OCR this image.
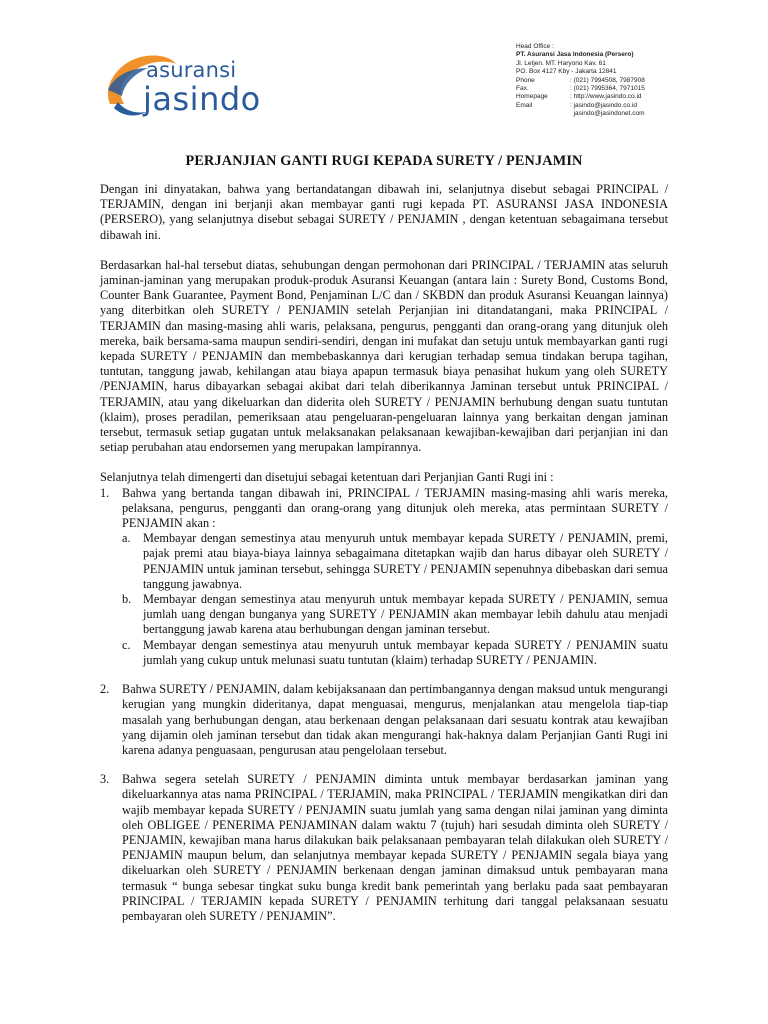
asuransi
jasindo
Head Office :
PT. Asuransi Jasa Indonesia (Persero)
Jl. Letjen. MT. Haryono Kav. 61
PO. Box 4127 Kby - Jakarta 12841
Phone	: (021) 7994508, 7987908
Fax.	: (021) 7995364, 7971015
Homepage	: http://www.jasindo.co.id
Email	: jasindo@jasindo.co.id
jasindo@jasindonet.com
PERJANJIAN GANTI RUGI KEPADA SURETY / PENJAMIN

Dengan ini dinyatakan, bahwa yang bertandatangan dibawah ini, selanjutnya disebut sebagai PRINCIPAL / TERJAMIN, dengan ini berjanji akan membayar ganti rugi kepada PT. ASURANSI JASA INDONESIA (PERSERO), yang selanjutnya disebut sebagai SURETY / PENJAMIN , dengan ketentuan sebagaimana tersebut dibawah ini.

Berdasarkan hal-hal tersebut diatas, sehubungan dengan permohonan dari PRINCIPAL / TERJAMIN atas seluruh jaminan-jaminan yang merupakan produk-produk Asuransi Keuangan (antara lain : Surety Bond, Customs Bond, Counter Bank Guarantee, Payment Bond, Penjaminan L/C dan / SKBDN dan produk Asuransi Keuangan lainnya) yang diterbitkan oleh SURETY / PENJAMIN setelah Perjanjian ini ditandatangani, maka PRINCIPAL / TERJAMIN dan masing-masing ahli waris, pelaksana, pengurus, pengganti dan orang-orang yang ditunjuk oleh mereka, baik bersama-sama maupun sendiri-sendiri, dengan ini mufakat dan setuju untuk membayarkan ganti rugi kepada SURETY / PENJAMIN dan membebaskannya dari kerugian terhadap semua tindakan berupa tagihan, tuntutan, tanggung jawab, kehilangan atau biaya apapun termasuk biaya penasihat hukum yang oleh SURETY /PENJAMIN, harus dibayarkan sebagai akibat dari telah diberikannya Jaminan tersebut untuk PRINCIPAL / TERJAMIN, atau yang dikeluarkan dan diderita oleh SURETY / PENJAMIN berhubung dengan suatu tuntutan (klaim), proses peradilan, pemeriksaan atau pengeluaran-pengeluaran lainnya yang berkaitan dengan jaminan tersebut, termasuk setiap gugatan untuk melaksanakan pelaksanaan kewajiban-kewajiban dari perjanjian ini dan setiap perubahan atau endorsemen yang merupakan lampirannya.

Selanjutnya telah dimengerti dan disetujui sebagai ketentuan dari Perjanjian Ganti Rugi ini :

1. Bahwa yang bertanda tangan dibawah ini, PRINCIPAL / TERJAMIN masing-masing ahli waris mereka, pelaksana, pengurus, pengganti dan orang-orang yang ditunjuk oleh mereka, atas permintaan SURETY / PENJAMIN akan :
a. Membayar dengan semestinya atau menyuruh untuk membayar kepada SURETY / PENJAMIN, premi, pajak premi atau biaya-biaya lainnya sebagaimana ditetapkan wajib dan harus dibayar oleh SURETY / PENJAMIN untuk jaminan tersebut, sehingga SURETY / PENJAMIN sepenuhnya dibebaskan dari semua tanggung jawabnya.
b. Membayar dengan semestinya atau menyuruh untuk membayar kepada SURETY / PENJAMIN, semua jumlah uang dengan bunganya yang SURETY / PENJAMIN akan membayar lebih dahulu atau menjadi bertanggung jawab karena atau berhubungan dengan jaminan tersebut.
c. Membayar dengan semestinya atau menyuruh untuk membayar kepada SURETY / PENJAMIN suatu jumlah yang cukup untuk melunasi suatu tuntutan (klaim) terhadap SURETY / PENJAMIN.
2. Bahwa SURETY / PENJAMIN, dalam kebijaksanaan dan pertimbangannya dengan maksud untuk mengurangi kerugian yang mungkin dideritanya, dapat menguasai, mengurus, menjalankan atau mengelola tiap-tiap masalah yang berhubungan dengan, atau berkenaan dengan pelaksanaan dari sesuatu kontrak atau kewajiban yang dijamin oleh jaminan tersebut dan tidak akan mengurangi hak-haknya dalam Perjanjian Ganti Rugi ini karena adanya penguasaan, pengurusan atau pengelolaan tersebut.
3. Bahwa segera setelah SURETY / PENJAMIN diminta untuk membayar berdasarkan jaminan yang dikeluarkannya atas nama PRINCIPAL / TERJAMIN, maka PRINCIPAL / TERJAMIN mengikatkan diri dan wajib membayar kepada SURETY / PENJAMIN suatu jumlah yang sama dengan nilai jaminan yang diminta oleh OBLIGEE / PENERIMA PENJAMINAN dalam waktu 7 (tujuh) hari sesudah diminta oleh SURETY / PENJAMIN, kewajiban mana harus dilakukan baik pelaksanaan pembayaran telah dilakukan oleh SURETY / PENJAMIN maupun belum, dan selanjutnya membayar kepada SURETY / PENJAMIN segala biaya yang dikeluarkan oleh SURETY / PENJAMIN berkenaan dengan jaminan dimaksud untuk pembayaran mana termasuk “ bunga sebesar tingkat suku bunga kredit bank pemerintah yang berlaku pada saat pembayaran PRINCIPAL / TERJAMIN kepada SURETY / PENJAMIN terhitung dari tanggal pelaksanaan sesuatu pembayaran oleh SURETY / PENJAMIN”.
